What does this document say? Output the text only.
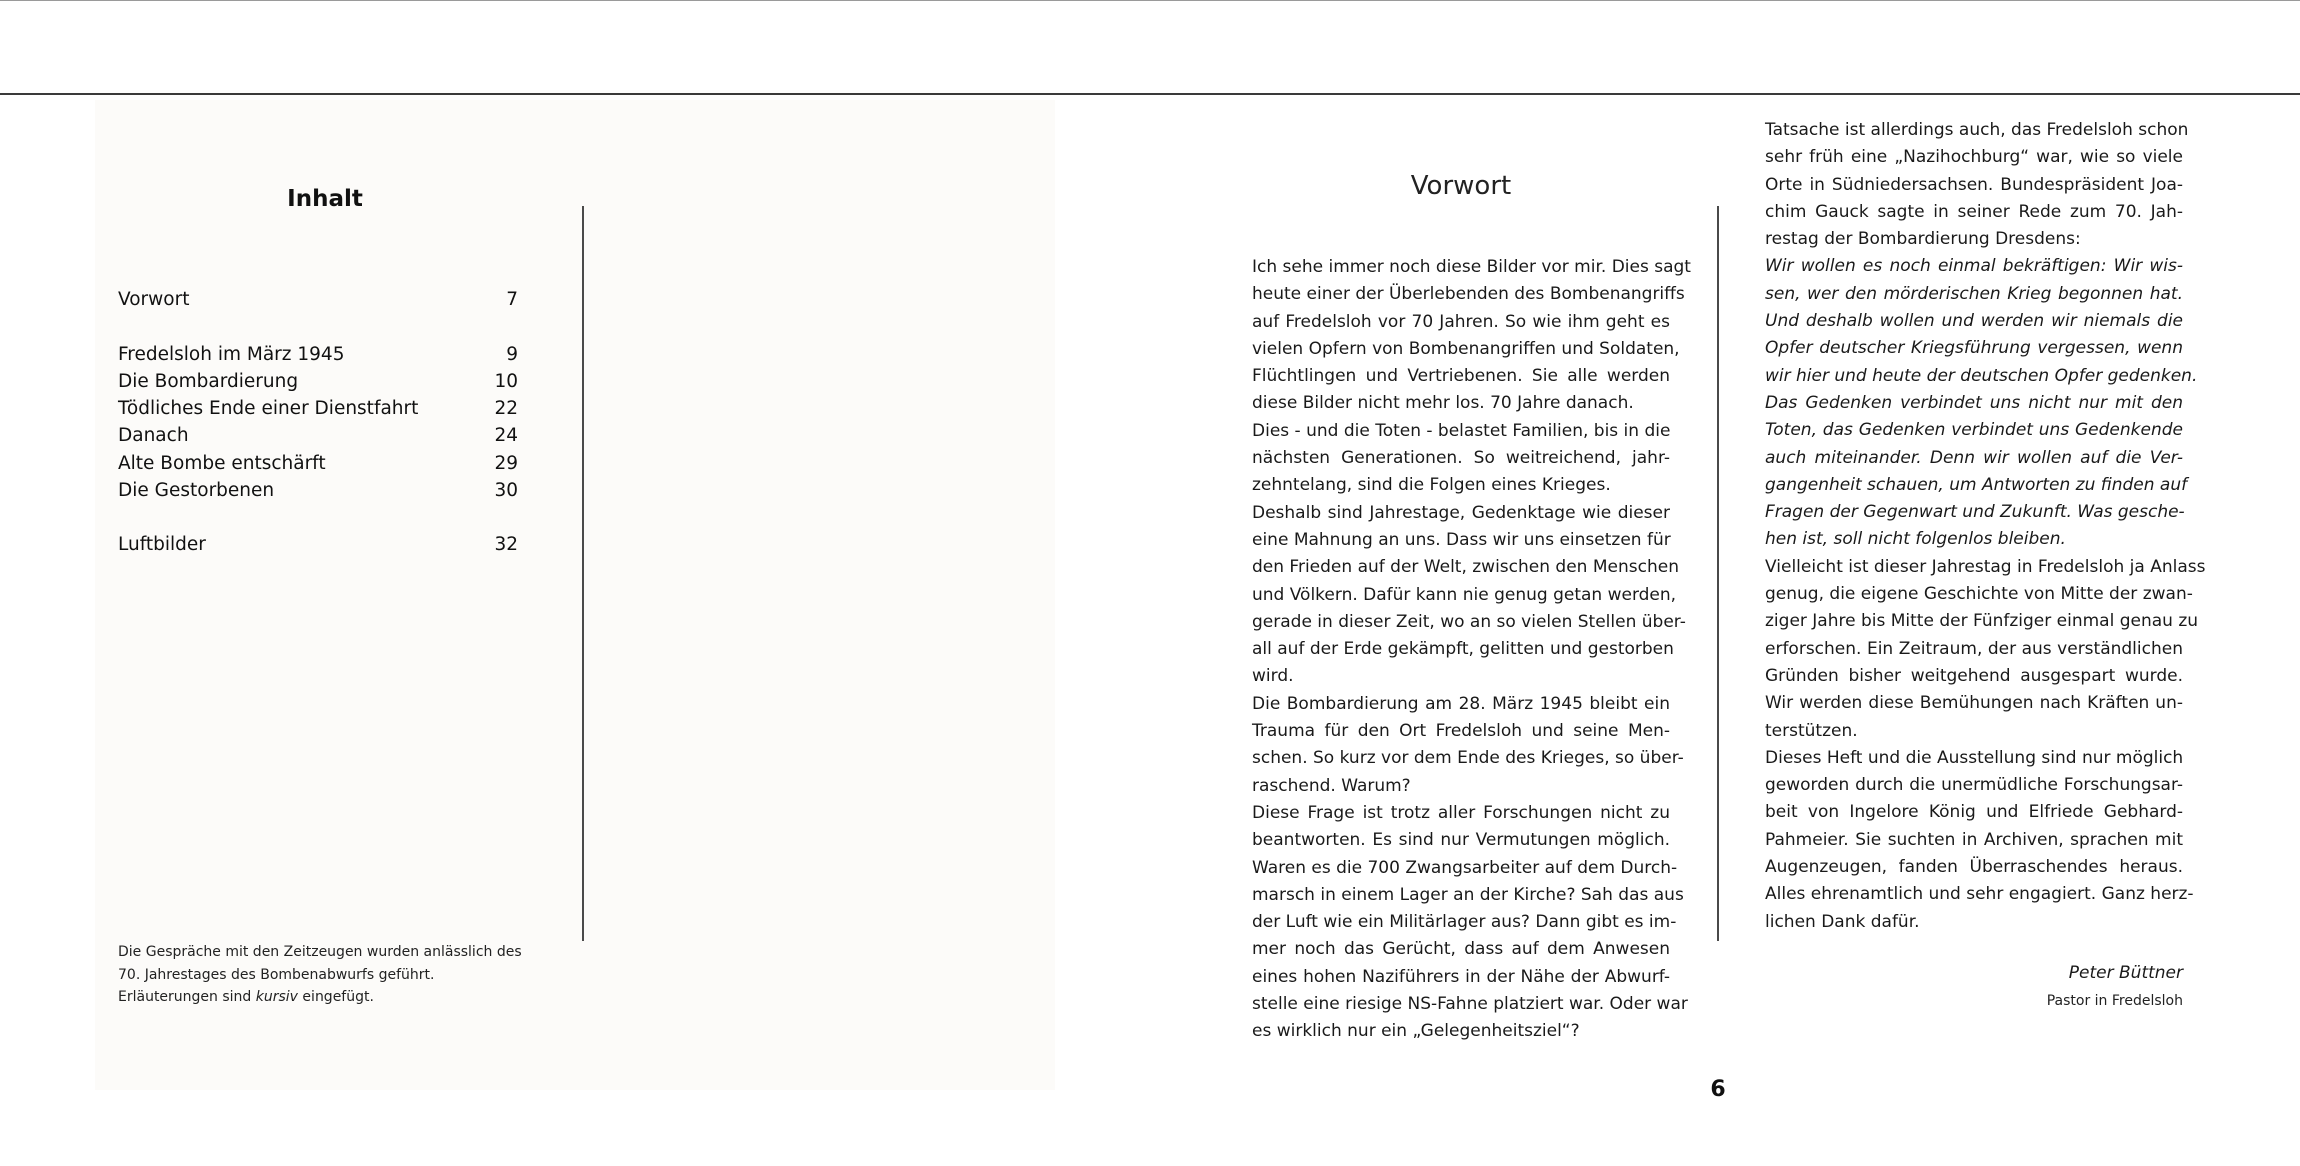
Inhalt
Vorwort	7
Fredelsloh im März 1945	9
Die Bombardierung	10
Tödliches Ende einer Dienstfahrt	22
Danach	24
Alte Bombe entschärft	29
Die Gestorbenen	30
Luftbilder	32
Die Gespräche mit den Zeitzeugen wurden anlässlich des
70. Jahrestages des Bombenabwurfs geführt.
Erläuterungen sind kursiv eingefügt.
Vorwort
Ich sehe immer noch diese Bilder vor mir. Dies sagt
heute einer der Überlebenden des Bombenangriffs
auf Fredelsloh vor 70 Jahren. So wie ihm geht es
vielen Opfern von Bombenangriffen und Soldaten,
Flüchtlingen und Vertriebenen. Sie alle werden
diese Bilder nicht mehr los. 70 Jahre danach.
Dies - und die Toten - belastet Familien, bis in die
nächsten Generationen. So weitreichend, jahr-
zehntelang, sind die Folgen eines Krieges.
Deshalb sind Jahrestage, Gedenktage wie dieser
eine Mahnung an uns. Dass wir uns einsetzen für
den Frieden auf der Welt, zwischen den Menschen
und Völkern. Dafür kann nie genug getan werden,
gerade in dieser Zeit, wo an so vielen Stellen über-
all auf der Erde gekämpft, gelitten und gestorben
wird.
Die Bombardierung am 28. März 1945 bleibt ein
Trauma für den Ort Fredelsloh und seine Men-
schen. So kurz vor dem Ende des Krieges, so über-
raschend. Warum?
Diese Frage ist trotz aller Forschungen nicht zu
beantworten. Es sind nur Vermutungen möglich.
Waren es die 700 Zwangsarbeiter auf dem Durch-
marsch in einem Lager an der Kirche? Sah das aus
der Luft wie ein Militärlager aus? Dann gibt es im-
mer noch das Gerücht, dass auf dem Anwesen
eines hohen Naziführers in der Nähe der Abwurf-
stelle eine riesige NS-Fahne platziert war. Oder war
es wirklich nur ein „Gelegenheitsziel“?
Tatsache ist allerdings auch, das Fredelsloh schon
sehr früh eine „Nazihochburg“ war, wie so viele
Orte in Südniedersachsen. Bundespräsident Joa-
chim Gauck sagte in seiner Rede zum 70. Jah-
restag der Bombardierung Dresdens:
Wir wollen es noch einmal bekräftigen: Wir wis-
sen, wer den mörderischen Krieg begonnen hat.
Und deshalb wollen und werden wir niemals die
Opfer deutscher Kriegsführung vergessen, wenn
wir hier und heute der deutschen Opfer gedenken.
Das Gedenken verbindet uns nicht nur mit den
Toten, das Gedenken verbindet uns Gedenkende
auch miteinander. Denn wir wollen auf die Ver-
gangenheit schauen, um Antworten zu finden auf
Fragen der Gegenwart und Zukunft. Was gesche-
hen ist, soll nicht folgenlos bleiben.
Vielleicht ist dieser Jahrestag in Fredelsloh ja Anlass
genug, die eigene Geschichte von Mitte der zwan-
ziger Jahre bis Mitte der Fünfziger einmal genau zu
erforschen. Ein Zeitraum, der aus verständlichen
Gründen bisher weitgehend ausgespart wurde.
Wir werden diese Bemühungen nach Kräften un-
terstützen.
Dieses Heft und die Ausstellung sind nur möglich
geworden durch die unermüdliche Forschungsar-
beit von Ingelore König und Elfriede Gebhard-
Pahmeier. Sie suchten in Archiven, sprachen mit
Augenzeugen, fanden Überraschendes heraus.
Alles ehrenamtlich und sehr engagiert. Ganz herz-
lichen Dank dafür.
Peter Büttner
Pastor in Fredelsloh
6
